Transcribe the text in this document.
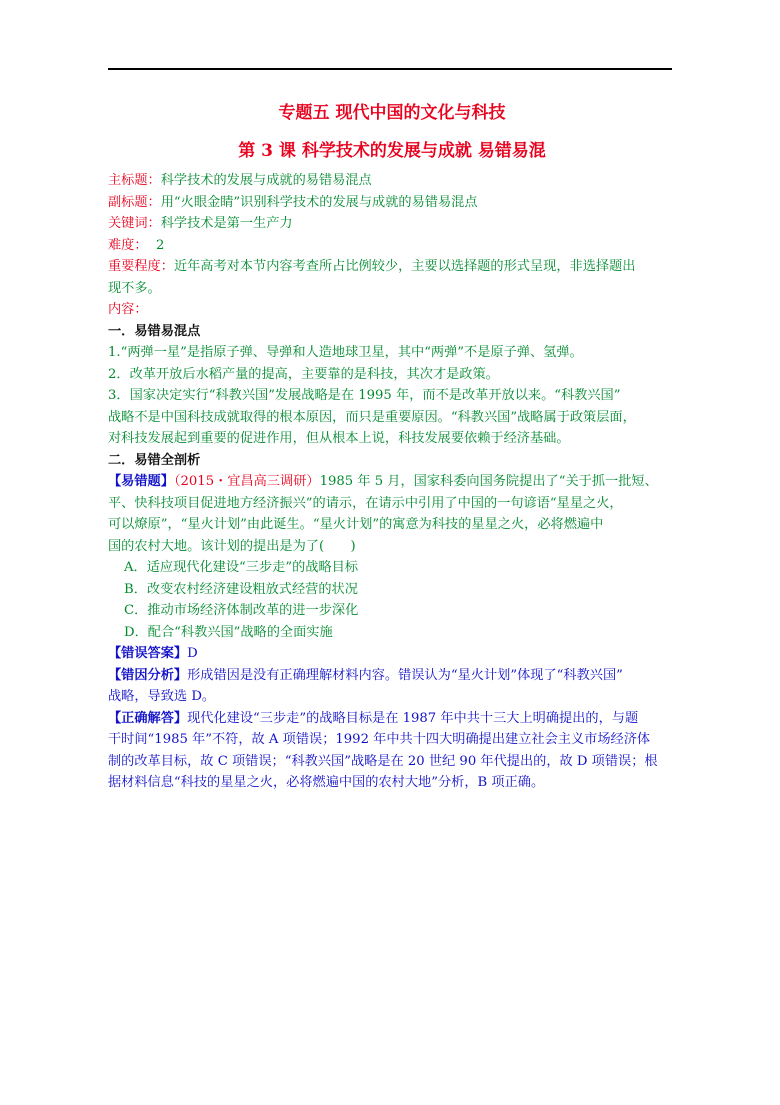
专题五 现代中国的文化与科技

第 3 课 科学技术的发展与成就 易错易混

主标题：科学技术的发展与成就的易错易混点

副标题：用“火眼金睛”识别科学技术的发展与成就的易错易混点

关键词：科学技术是第一生产力

难度：  2

重要程度：近年高考对本节内容考查所占比例较少，主要以选择题的形式呈现，非选择题出

现不多。

内容：

一．易错易混点

1.“两弹一星”是指原子弹、导弹和人造地球卫星，其中“两弹”不是原子弹、氢弹。

2．改革开放后水稻产量的提高，主要靠的是科技，其次才是政策。

3．国家决定实行“科教兴国”发展战略是在 1995 年，而不是改革开放以来。“科教兴国”

战略不是中国科技成就取得的根本原因，而只是重要原因。“科教兴国”战略属于政策层面，

对科技发展起到重要的促进作用，但从根本上说，科技发展要依赖于经济基础。

二．易错全剖析

【易错题】（2015・宜昌高三调研）1985 年 5 月，国家科委向国务院提出了“关于抓一批短、

平、快科技项目促进地方经济振兴”的请示，在请示中引用了中国的一句谚语“星星之火，

可以燎原”，“星火计划”由此诞生。“星火计划”的寓意为科技的星星之火，必将燃遍中

国的农村大地。该计划的提出是为了(　　)

A．适应现代化建设“三步走”的战略目标

B．改变农村经济建设粗放式经营的状况

C．推动市场经济体制改革的进一步深化

D．配合“科教兴国”战略的全面实施

【错误答案】D

【错因分析】形成错因是没有正确理解材料内容。错误认为“星火计划”体现了“科教兴国”

战略，导致选 D。

【正确解答】现代化建设“三步走”的战略目标是在 1987 年中共十三大上明确提出的，与题

干时间“1985 年”不符，故 A 项错误；1992 年中共十四大明确提出建立社会主义市场经济体

制的改革目标，故 C 项错误；“科教兴国”战略是在 20 世纪 90 年代提出的，故 D 项错误；根

据材料信息“科技的星星之火，必将燃遍中国的农村大地”分析，B 项正确。
